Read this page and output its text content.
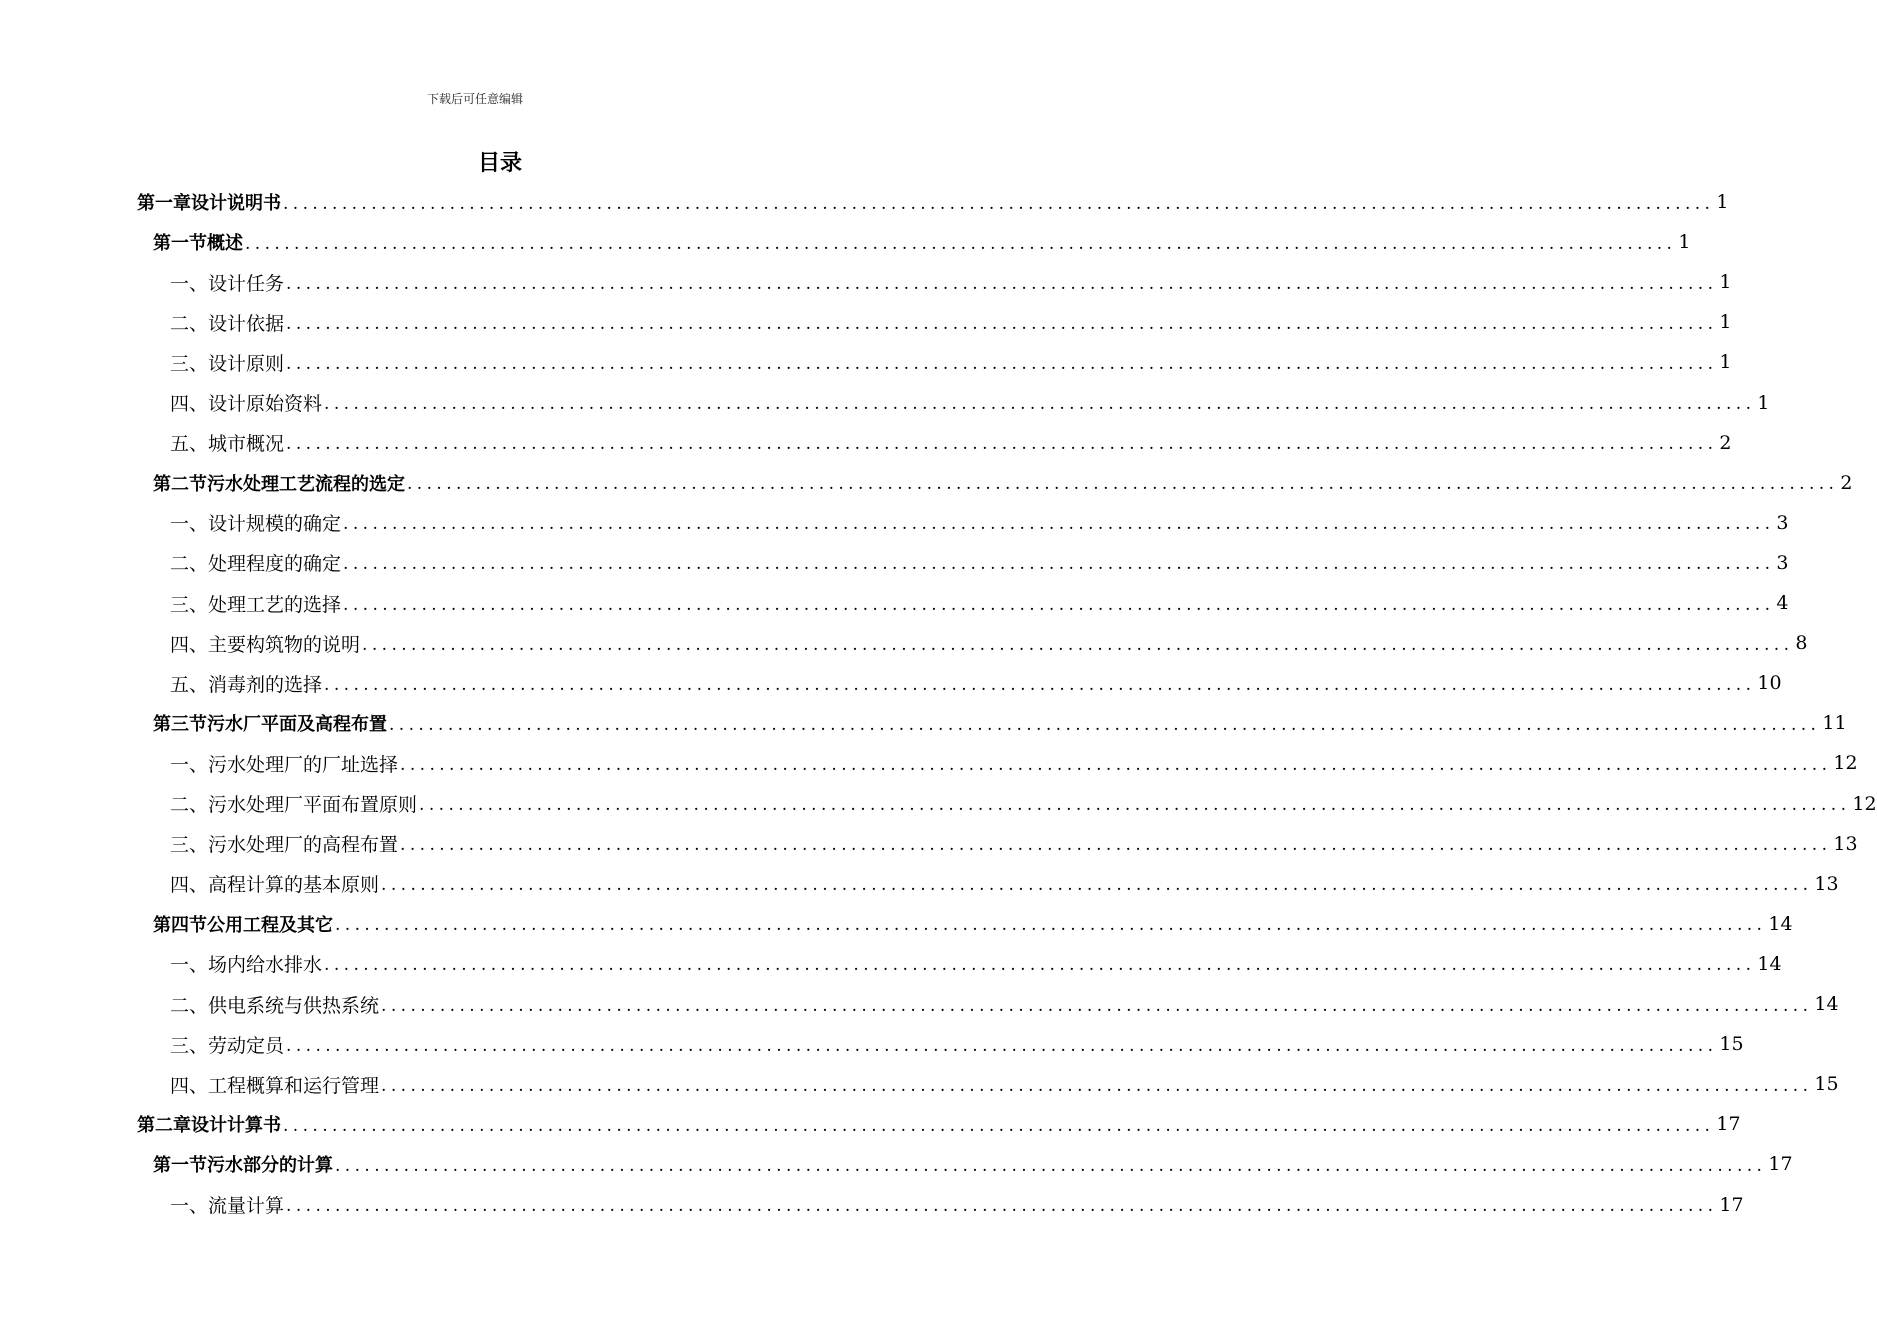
下载后可任意编辑
目录
第一章 设计说明书 .................................................................................................................................................. 1
第一节 概述 .................................................................................................................................................. 1
一、 设计任务 .................................................................................................................................................. 1
二、 设计依据 .................................................................................................................................................. 1
三、 设计原则 .................................................................................................................................................. 1
四、 设计原始资料 .................................................................................................................................................. 1
五、 城市概况 .................................................................................................................................................. 2
第二节 污水处理工艺流程的选定 .................................................................................................................................................. 2
一、 设计规模的确定 .................................................................................................................................................. 3
二、 处理程度的确定 .................................................................................................................................................. 3
三、 处理工艺的选择 .................................................................................................................................................. 4
四、 主要构筑物的说明 .................................................................................................................................................. 8
五、 消毒剂的选择 .................................................................................................................................................. 10
第三节 污水厂平面及高程布置 .................................................................................................................................................. 11
一、 污水处理厂的厂址选择 .................................................................................................................................................. 12
二、 污水处理厂平面布置原则 .................................................................................................................................................. 12
三、 污水处理厂的高程布置 .................................................................................................................................................. 13
四、 高程计算的基本原则 .................................................................................................................................................. 13
第四节 公用工程及其它 .................................................................................................................................................. 14
一、 场内给水排水 .................................................................................................................................................. 14
二、 供电系统与供热系统 .................................................................................................................................................. 14
三、 劳动定员 .................................................................................................................................................. 15
四、 工程概算和运行管理 .................................................................................................................................................. 15
第二章 设计计算书 .................................................................................................................................................. 17
第一节 污水部分的计算 .................................................................................................................................................. 17
一、 流量计算 .................................................................................................................................................. 17
